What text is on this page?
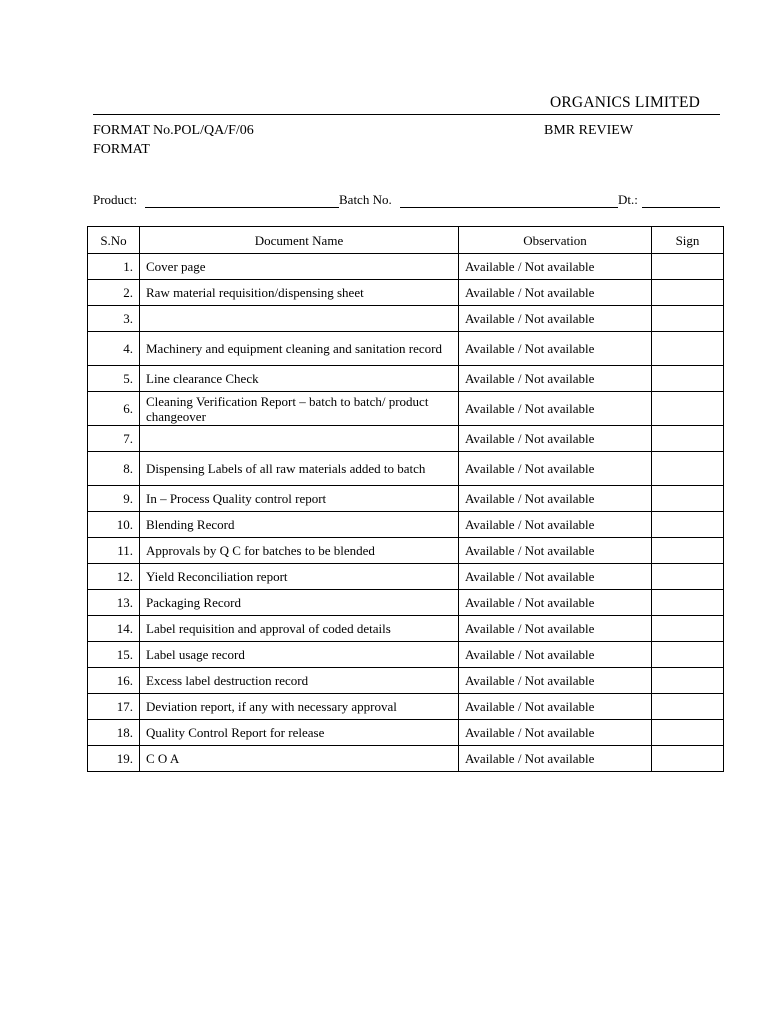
ORGANICS LIMITED
FORMAT No.POL/QA/F/06	BMR REVIEW
FORMAT
Product:	Batch No.	Dt.:
S.No	Document Name	Observation	Sign
1.	Cover page	Available / Not available	
2.	Raw material requisition/dispensing sheet	Available / Not available	
3.		Available / Not available	
4.	Machinery and equipment cleaning and sanitation record	Available / Not available	
5.	Line clearance Check	Available / Not available	
6.	Cleaning Verification Report – batch to batch/ product changeover	Available / Not available	
7.		Available / Not available	
8.	Dispensing Labels of all raw materials added to batch	Available / Not available	
9.	In – Process Quality control report	Available / Not available	
10.	Blending Record	Available / Not available	
11.	Approvals by Q C for batches to be blended	Available / Not available	
12.	Yield Reconciliation report	Available / Not available	
13.	Packaging Record	Available / Not available	
14.	Label requisition and approval of coded details	Available / Not available	
15.	Label usage record	Available / Not available	
16.	Excess label destruction record	Available / Not available	
17.	Deviation report, if any with necessary approval	Available / Not available	
18.	Quality Control Report for release	Available / Not available	
19.	C O A	Available / Not available	
